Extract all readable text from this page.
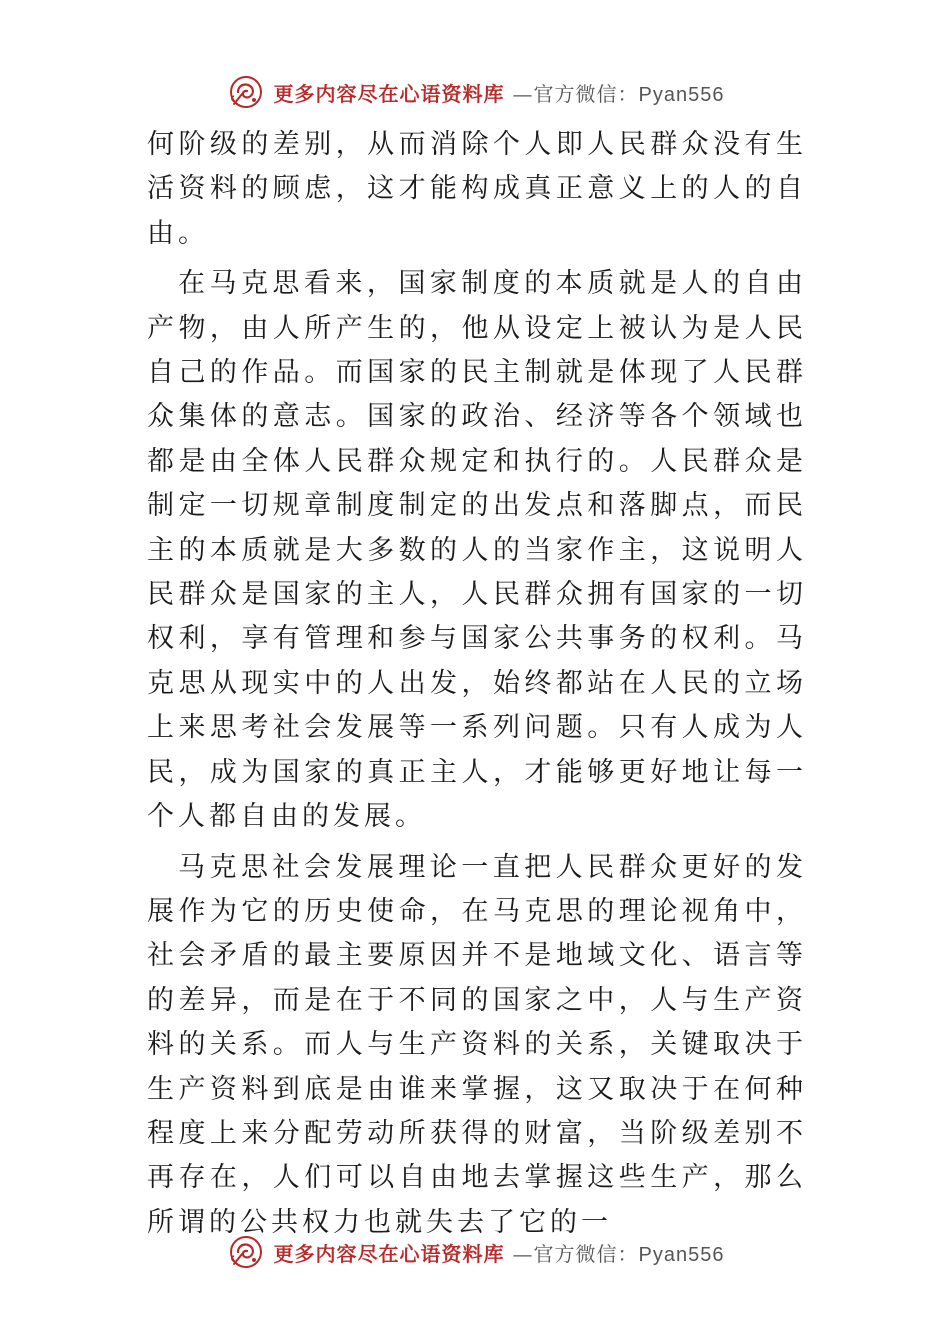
更多内容尽在心语资料库 —官方微信：Pyan556

何阶级的差别，从而消除个人即人民群众没有生活资料的顾虑，这才能构成真正意义上的人的自由。

在马克思看来，国家制度的本质就是人的自由产物，由人所产生的，他从设定上被认为是人民自己的作品。而国家的民主制就是体现了人民群众集体的意志。国家的政治、经济等各个领域也都是由全体人民群众规定和执行的。人民群众是制定一切规章制度制定的出发点和落脚点，而民主的本质就是大多数的人的当家作主，这说明人民群众是国家的主人，人民群众拥有国家的一切权利，享有管理和参与国家公共事务的权利。马克思从现实中的人出发，始终都站在人民的立场上来思考社会发展等一系列问题。只有人成为人民，成为国家的真正主人，才能够更好地让每一个人都自由的发展。

马克思社会发展理论一直把人民群众更好的发展作为它的历史使命，在马克思的理论视角中，社会矛盾的最主要原因并不是地域文化、语言等的差异，而是在于不同的国家之中，人与生产资料的关系。而人与生产资料的关系，关键取决于生产资料到底是由谁来掌握，这又取决于在何种程度上来分配劳动所获得的财富，当阶级差别不再存在，人们可以自由地去掌握这些生产，那么所谓的公共权力也就失去了它的一

更多内容尽在心语资料库 —官方微信：Pyan556
